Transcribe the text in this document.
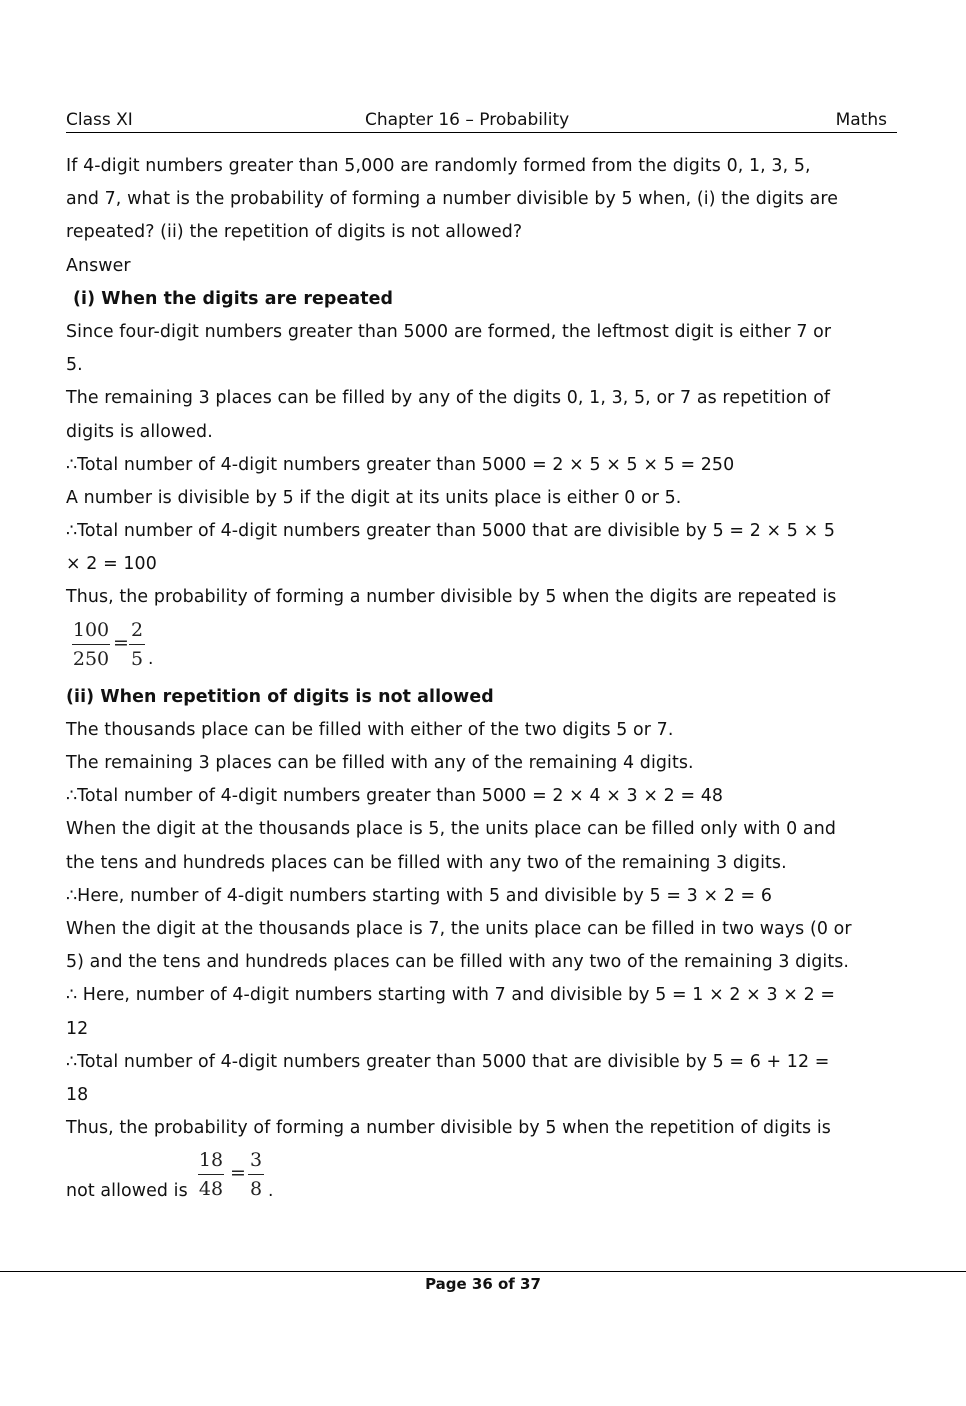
Class XI	Chapter 16 – Probability	Maths
If 4-digit numbers greater than 5,000 are randomly formed from the digits 0, 1, 3, 5,
and 7, what is the probability of forming a number divisible by 5 when, (i) the digits are
repeated? (ii) the repetition of digits is not allowed?
Answer
(i) When the digits are repeated
Since four-digit numbers greater than 5000 are formed, the leftmost digit is either 7 or
5.
The remaining 3 places can be filled by any of the digits 0, 1, 3, 5, or 7 as repetition of
digits is allowed.
∴Total number of 4-digit numbers greater than 5000 = 2 × 5 × 5 × 5 = 250
A number is divisible by 5 if the digit at its units place is either 0 or 5.
∴Total number of 4-digit numbers greater than 5000 that are divisible by 5 = 2 × 5 × 5
× 2 = 100
Thus, the probability of forming a number divisible by 5 when the digits are repeated is
100
250
=
2
5 .
(ii) When repetition of digits is not allowed
The thousands place can be filled with either of the two digits 5 or 7.
The remaining 3 places can be filled with any of the remaining 4 digits.
∴Total number of 4-digit numbers greater than 5000 = 2 × 4 × 3 × 2 = 48
When the digit at the thousands place is 5, the units place can be filled only with 0 and
the tens and hundreds places can be filled with any two of the remaining 3 digits.
∴Here, number of 4-digit numbers starting with 5 and divisible by 5 = 3 × 2 = 6
When the digit at the thousands place is 7, the units place can be filled in two ways (0 or
5) and the tens and hundreds places can be filled with any two of the remaining 3 digits.
∴ Here, number of 4-digit numbers starting with 7 and divisible by 5 = 1 × 2 × 3 × 2 =
12
∴Total number of 4-digit numbers greater than 5000 that are divisible by 5 = 6 + 12 =
18
Thus, the probability of forming a number divisible by 5 when the repetition of digits is
not allowed is
18
48
=
3
8 .
Page 36 of 37
